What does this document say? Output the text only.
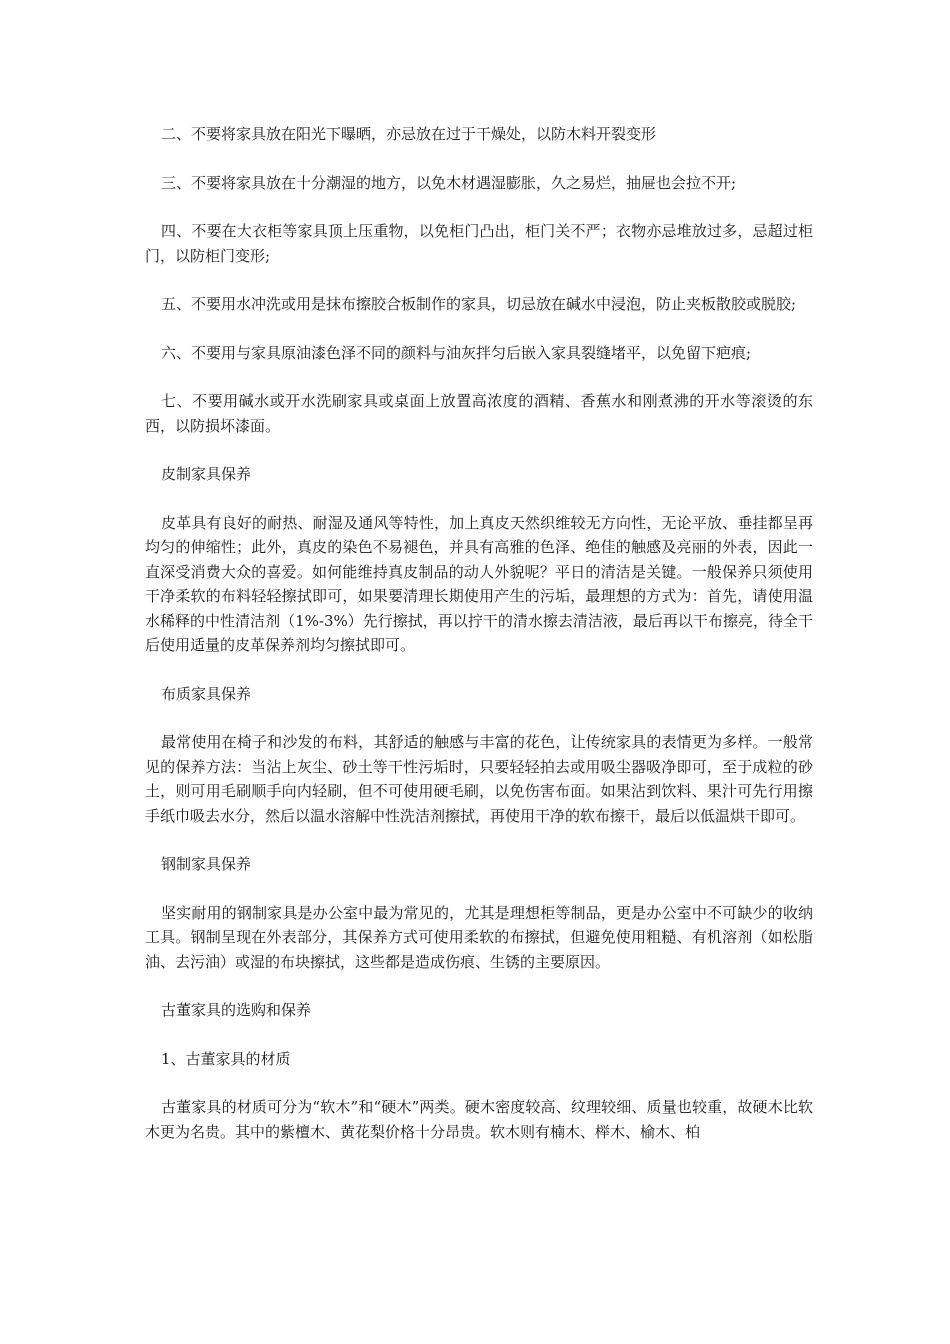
二、不要将家具放在阳光下曝晒，亦忌放在过于干燥处，以防木料开裂变形

三、不要将家具放在十分潮湿的地方，以免木材遇湿膨胀，久之易烂，抽屉也会拉不开;

四、不要在大衣柜等家具顶上压重物，以免柜门凸出，柜门关不严；衣物亦忌堆放过多，忌超过柜门，以防柜门变形;

五、不要用水冲洗或用是抹布擦胶合板制作的家具，切忌放在碱水中浸泡，防止夹板散胶或脱胶;

六、不要用与家具原油漆色泽不同的颜料与油灰拌匀后嵌入家具裂缝堵平，以免留下疤痕;

七、不要用碱水或开水洗刷家具或桌面上放置高浓度的酒精、香蕉水和刚煮沸的开水等滚烫的东西，以防损坏漆面。

皮制家具保养

皮革具有良好的耐热、耐湿及通风等特性，加上真皮天然织维较无方向性，无论平放、垂挂都呈再均匀的伸缩性；此外，真皮的染色不易褪色，并具有高雅的色泽、绝佳的触感及亮丽的外表，因此一直深受消费大众的喜爱。如何能维持真皮制品的动人外貌呢？平日的清洁是关键。一般保养只须使用干净柔软的布料轻轻擦拭即可，如果要清理长期使用产生的污垢，最理想的方式为：首先，请使用温水稀释的中性清洁剂（1%-3%）先行擦拭，再以拧干的清水擦去清洁液，最后再以干布擦亮，待全干后使用适量的皮革保养剂均匀擦拭即可。

布质家具保养

最常使用在椅子和沙发的布料，其舒适的触感与丰富的花色，让传统家具的表情更为多样。一般常见的保养方法：当沾上灰尘、砂土等干性污垢时，只要轻轻拍去或用吸尘器吸净即可，至于成粒的砂土，则可用毛刷顺手向内轻刷，但不可使用硬毛刷，以免伤害布面。如果沾到饮料、果汁可先行用擦手纸巾吸去水分，然后以温水溶解中性洗洁剂擦拭，再使用干净的软布擦干，最后以低温烘干即可。

钢制家具保养

坚实耐用的钢制家具是办公室中最为常见的，尤其是理想柜等制品，更是办公室中不可缺少的收纳工具。钢制呈现在外表部分，其保养方式可使用柔软的布擦拭，但避免使用粗糙、有机溶剂（如松脂油、去污油）或湿的布块擦拭，这些都是造成伤痕、生锈的主要原因。

古董家具的选购和保养

1、古董家具的材质

古董家具的材质可分为“软木”和“硬木”两类。硬木密度较高、纹理较细、质量也较重，故硬木比软木更为名贵。其中的紫檀木、黄花梨价格十分昂贵。软木则有楠木、榉木、榆木、柏
